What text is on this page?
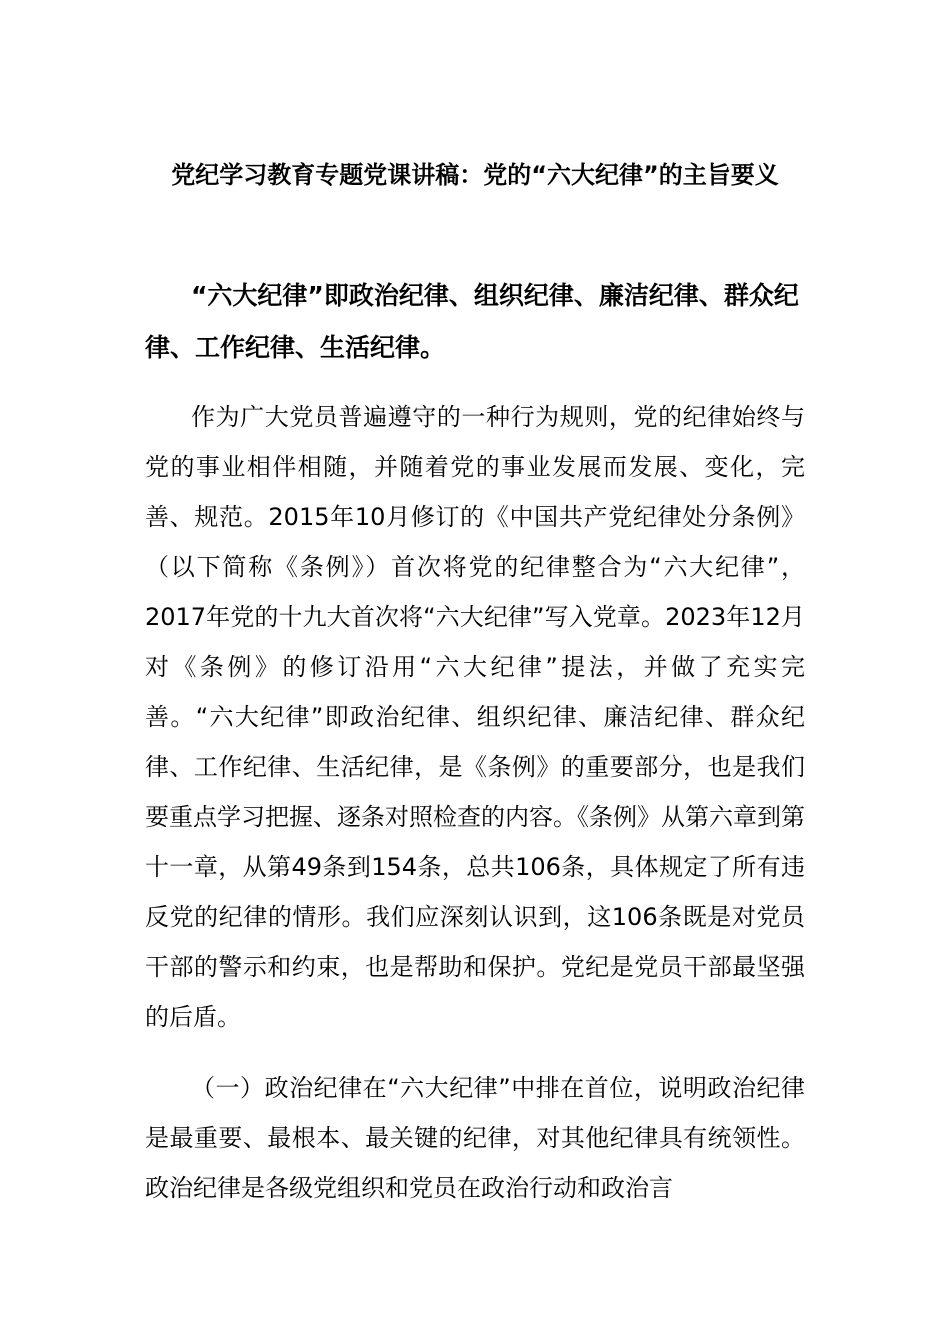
党纪学习教育专题党课讲稿：党的“六大纪律”的主旨要义

“六大纪律”即政治纪律、组织纪律、廉洁纪律、群众纪律、工作纪律、生活纪律。

作为广大党员普遍遵守的一种行为规则，党的纪律始终与党的事业相伴相随，并随着党的事业发展而发展、变化，完善、规范。2015年10月修订的《中国共产党纪律处分条例》（以下简称《条例》）首次将党的纪律整合为“六大纪律”，2017年党的十九大首次将“六大纪律”写入党章。2023年12月对《条例》的修订沿用“六大纪律”提法，并做了充实完善。“六大纪律”即政治纪律、组织纪律、廉洁纪律、群众纪律、工作纪律、生活纪律，是《条例》的重要部分，也是我们要重点学习把握、逐条对照检查的内容。《条例》从第六章到第十一章，从第49条到154条，总共106条，具体规定了所有违反党的纪律的情形。我们应深刻认识到，这106条既是对党员干部的警示和约束，也是帮助和保护。党纪是党员干部最坚强的后盾。

（一）政治纪律在“六大纪律”中排在首位，说明政治纪律是最重要、最根本、最关键的纪律，对其他纪律具有统领性。政治纪律是各级党组织和党员在政治行动和政治言
